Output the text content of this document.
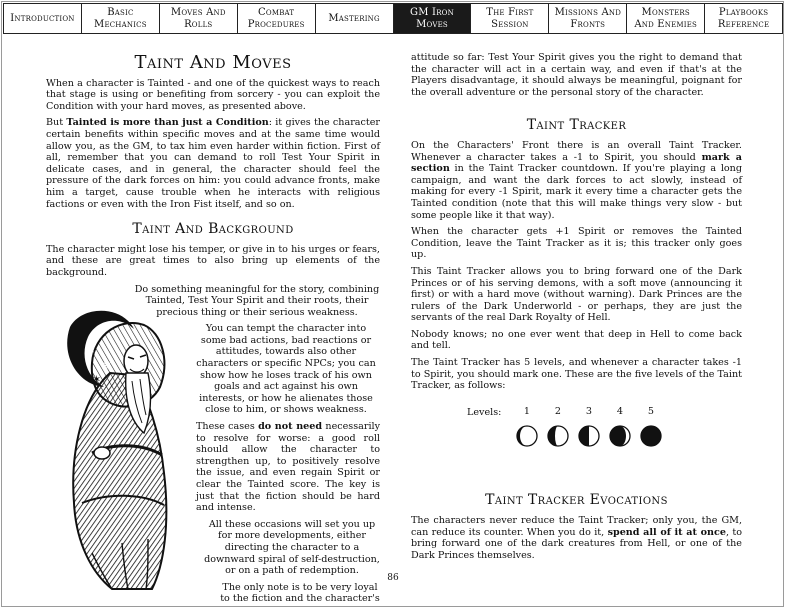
Introduction
Basic
Mechanics
Moves And
Rolls
Combat
Procedures
Mastering
GM Iron
Moves
The First
Session
Missions And
Fronts
Monsters
And Enemies
Playbooks
Reference
Taint And Moves

When a character is Tainted - and one of the quickest ways to reach that stage is using or benefiting from sorcery - you can exploit the Condition with your hard moves, as presented above.

But Tainted is more than just a Condition: it gives the character certain benefits within specific moves and at the same time would allow you, as the GM, to tax him even harder within fiction. First of all, remember that you can demand to roll Test Your Spirit in delicate cases, and in general, the character should feel the pressure of the dark forces on him: you could advance fronts, make him a target, cause trouble when he interacts with religious factions or even with the Iron Fist itself, and so on.

Taint And Background

The character might lose his temper, or give in to his urges or fears, and these are great times to also bring up elements of the background.

Do something meaningful for the story, combining Tainted, Test Your Spirit and their roots, their precious thing or their serious weakness.

You can tempt the character into some bad actions, bad reactions or attitudes, towards also other characters or specific NPCs; you can show how he loses track of his own goals and act against his own interests, or how he alienates those close to him, or shows weakness.

These cases do not need necessarily to resolve for worse: a good roll should allow the character to strengthen up, to positively resolve the issue, and even regain Spirit or clear the Tainted score. The key is just that the fiction should be hard and intense.

All these occasions will set you up for more developments, either directing the character to a downward spiral of self-destruction, or on a path of redemption.

The only note is to be very loyal to the fiction and the character's

✶
✶
✶

attitude so far: Test Your Spirit gives you the right to demand that the character will act in a certain way, and even if that's at the Players disadvantage, it should always be meaningful, poignant for the overall adventure or the personal story of the character.

Taint Tracker

On the Characters' Front there is an overall Taint Tracker. Whenever a character takes a -1 to Spirit, you should mark a section in the Taint Tracker countdown. If you're playing a long campaign, and want the dark forces to act slowly, instead of making for every -1 Spirit, mark it every time a character gets the Tainted condition (note that this will make things very slow - but some people like it that way).

When the character gets +1 Spirit or removes the Tainted Condition, leave the Taint Tracker as it is; this tracker only goes up.

This Taint Tracker allows you to bring forward one of the Dark Princes or of his serving demons, with a soft move (announcing it first) or with a hard move (without warning). Dark Princes are the rulers of the Dark Underworld - or perhaps, they are just the servants of the real Dark Royalty of Hell.

Nobody knows; no one ever went that deep in Hell to come back and tell.

The Taint Tracker has 5 levels, and whenever a character takes -1 to Spirit, you should mark one. These are the five levels of the Taint Tracker, as follows:

Levels: 1	2	3	4	5
Taint Tracker Evocations

The characters never reduce the Taint Tracker; only you, the GM, can reduce its counter. When you do it, spend all of it at once, to bring forward one of the dark creatures from Hell, or one of the Dark Princes themselves.

86
